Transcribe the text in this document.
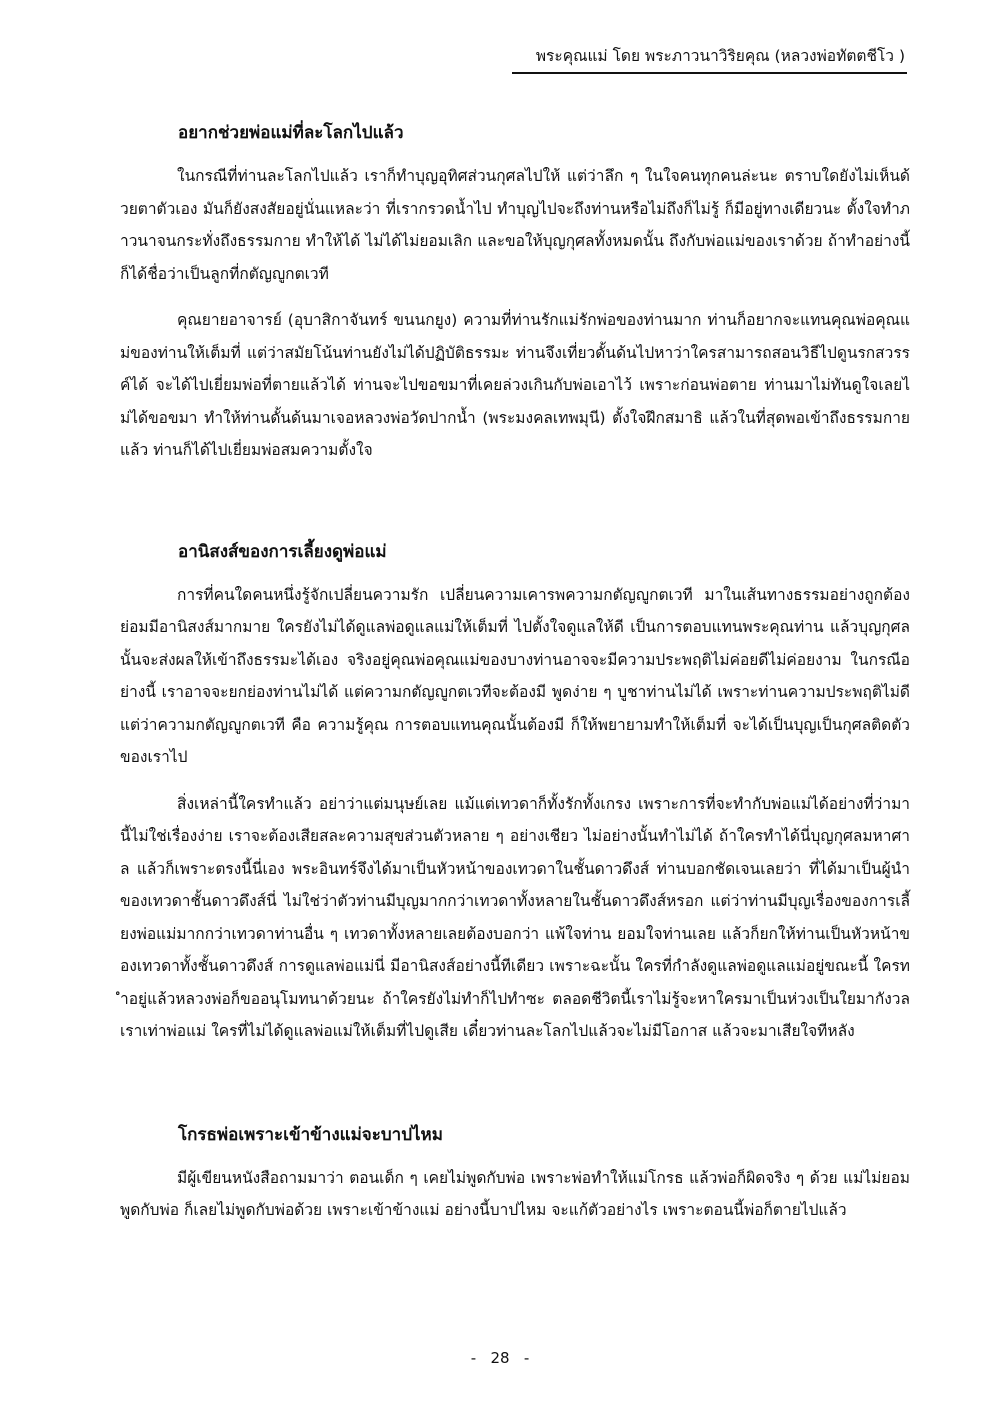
พระคุณแม่ โดย พระภาวนาวิริยคุณ (หลวงพ่อทัตตชีโว )
อยากช่วยพ่อแม่ที่ละโลกไปแล้ว

ในกรณีที่ท่านละโลกไปแล้ว เราก็ทำบุญอุทิศส่วนกุศลไปให้ แต่ว่าลึก ๆ ในใจคนทุกคนล่ะนะ ตราบใดยังไม่เห็นด้วยตาตัวเอง มันก็ยังสงสัยอยู่นั่นแหละว่า ที่เรากรวดน้ำไป ทำบุญไปจะถึงท่านหรือไม่ถึงก็ไม่รู้ ก็มีอยู่ทางเดียวนะ ตั้งใจทำภาวนาจนกระทั่งถึงธรรมกาย ทำให้ได้ ไม่ได้ไม่ยอมเลิก และขอให้บุญกุศลทั้งหมดนั้น ถึงกับพ่อแม่ของเราด้วย ถ้าทำอย่างนี้ก็ได้ชื่อว่าเป็นลูกที่กตัญญูกตเวที

คุณยายอาจารย์ (อุบาสิกาจันทร์ ขนนกยูง) ความที่ท่านรักแม่รักพ่อของท่านมาก ท่านก็อยากจะแทนคุณพ่อคุณแม่ของท่านให้เต็มที่ แต่ว่าสมัยโน้นท่านยังไม่ได้ปฏิบัติธรรมะ ท่านจึงเที่ยวดั้นด้นไปหาว่าใครสามารถสอนวิธีไปดูนรกสวรรค์ได้ จะได้ไปเยี่ยมพ่อที่ตายแล้วได้ ท่านจะไปขอขมาที่เคยล่วงเกินกับพ่อเอาไว้ เพราะก่อนพ่อตาย ท่านมาไม่ทันดูใจเลยไม่ได้ขอขมา ทำให้ท่านดั้นด้นมาเจอหลวงพ่อวัดปากน้ำ (พระมงคลเทพมุนี) ตั้งใจฝึกสมาธิ แล้วในที่สุดพอเข้าถึงธรรมกายแล้ว ท่านก็ได้ไปเยี่ยมพ่อสมความตั้งใจ

อานิสงส์ของการเลี้ยงดูพ่อแม่

การที่คนใดคนหนึ่งรู้จักเปลี่ยนความรัก เปลี่ยนความเคารพความกตัญญูกตเวที มาในเส้นทางธรรมอย่างถูกต้อง ย่อมมีอานิสงส์มากมาย ใครยังไม่ได้ดูแลพ่อดูแลแม่ให้เต็มที่ ไปตั้งใจดูแลให้ดี เป็นการตอบแทนพระคุณท่าน แล้วบุญกุศลนั้นจะส่งผลให้เข้าถึงธรรมะได้เอง จริงอยู่คุณพ่อคุณแม่ของบางท่านอาจจะมีความประพฤติไม่ค่อยดีไม่ค่อยงาม ในกรณีอย่างนี้ เราอาจจะยกย่องท่านไม่ได้ แต่ความกตัญญูกตเวทีจะต้องมี พูดง่าย ๆ บูชาท่านไม่ได้ เพราะท่านความประพฤติไม่ดี แต่ว่าความกตัญญูกตเวที คือ ความรู้คุณ การตอบแทนคุณนั้นต้องมี ก็ให้พยายามทำให้เต็มที่ จะได้เป็นบุญเป็นกุศลติดตัวของเราไป

สิ่งเหล่านี้ใครทำแล้ว อย่าว่าแต่มนุษย์เลย แม้แต่เทวดาก็ทั้งรักทั้งเกรง เพราะการที่จะทำกับพ่อแม่ได้อย่างที่ว่ามานี้ไม่ใช่เรื่องง่าย เราจะต้องเสียสละความสุขส่วนตัวหลาย ๆ อย่างเชียว ไม่อย่างนั้นทำไม่ได้ ถ้าใครทำได้นี่บุญกุศลมหาศาล แล้วก็เพราะตรงนี้นี่เอง พระอินทร์จึงได้มาเป็นหัวหน้าของเทวดาในชั้นดาวดึงส์ ท่านบอกชัดเจนเลยว่า ที่ได้มาเป็นผู้นำของเทวดาชั้นดาวดึงส์นี่ ไม่ใช่ว่าตัวท่านมีบุญมากกว่าเทวดาทั้งหลายในชั้นดาวดึงส์หรอก แต่ว่าท่านมีบุญเรื่องของการเลี้ยงพ่อแม่มากกว่าเทวดาท่านอื่น ๆ เทวดาทั้งหลายเลยต้องบอกว่า แพ้ใจท่าน ยอมใจท่านเลย แล้วก็ยกให้ท่านเป็นหัวหน้าของเทวดาทั้งชั้นดาวดึงส์ การดูแลพ่อแม่นี่ มีอานิสงส์อย่างนี้ทีเดียว เพราะฉะนั้น ใครที่กำลังดูแลพ่อดูแลแม่อยู่ขณะนี้ ใครทำอยู่แล้วหลวงพ่อก็ขออนุโมทนาด้วยนะ ถ้าใครยังไม่ทำก็ไปทำซะ ตลอดชีวิตนี้เราไม่รู้จะหาใครมาเป็นห่วงเป็นใยมากังวลเราเท่าพ่อแม่ ใครที่ไม่ได้ดูแลพ่อแม่ให้เต็มที่ไปดูเสีย เดี๋ยวท่านละโลกไปแล้วจะไม่มีโอกาส แล้วจะมาเสียใจทีหลัง

โกรธพ่อเพราะเข้าข้างแม่จะบาปไหม

มีผู้เขียนหนังสือถามมาว่า ตอนเด็ก ๆ เคยไม่พูดกับพ่อ เพราะพ่อทำให้แม่โกรธ แล้วพ่อก็ผิดจริง ๆ ด้วย แม่ไม่ยอมพูดกับพ่อ ก็เลยไม่พูดกับพ่อด้วย เพราะเข้าข้างแม่ อย่างนี้บาปไหม จะแก้ตัวอย่างไร เพราะตอนนี้พ่อก็ตายไปแล้ว

-   28   -
